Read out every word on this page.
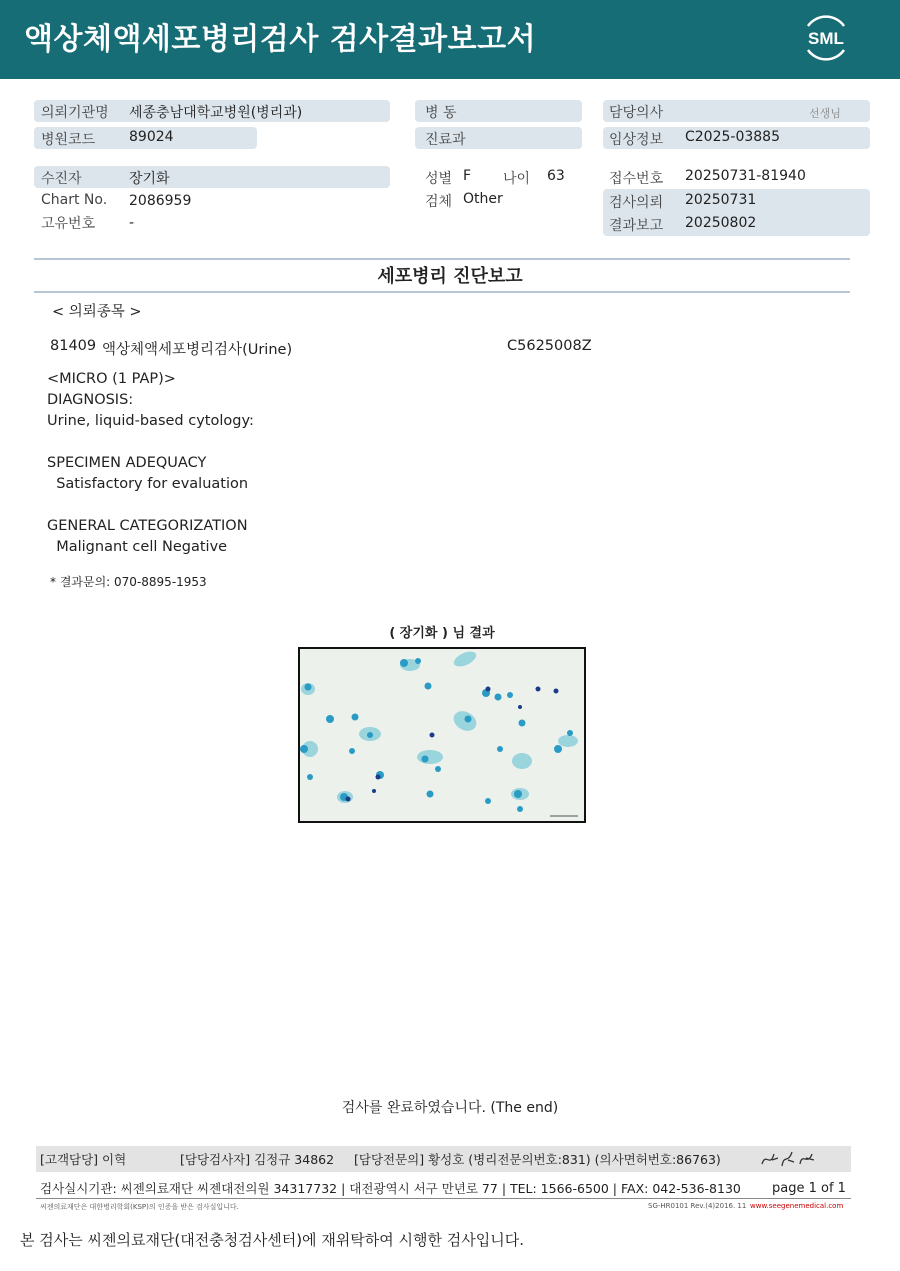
액상체액세포병리검사 검사결과보고서	SML
의뢰기관명 세종충남대학교병원(병리과)
병원코드 89024
수진자	장기화
Chart No. 2086959
고유번호 -
병 동
진료과
성별 F 나이 63
검체 Other
담당의사	선생님
임상정보 C2025-03885
접수번호 20250731-81940
검사의뢰 20250731
결과보고 20250802
세포병리 진단보고
< 의뢰종목 >
81409 액상체액세포병리검사(Urine)	C5625008Z
<MICRO (1 PAP)>
DIAGNOSIS:
Urine, liquid-based cytology:
SPECIMEN ADEQUACY
Satisfactory for evaluation
GENERAL CATEGORIZATION
Malignant cell Negative
* 결과문의: 070-8895-1953
( 장기화 ) 님 결과
검사를 완료하였습니다. (The end)
[고객담당] 이혁	[담당검사자] 김정규 34862 [담당전문의] 황성호 (병리전문의번호:831) (의사면허번호:86763)
검사실시기관: 씨젠의료재단 씨젠대전의원 34317732 | 대전광역시 서구 만년로 77 | TEL: 1566-6500 | FAX: 042-536-8130 page 1 of 1
씨젠의료재단은 대한병리학회(KSP)의 인증을 받은 검사실입니다.	SG-HR0101 Rev.(4)2016. 11 www.seegenemedical.com
본 검사는 씨젠의료재단(대전충청검사센터)에 재위탁하여 시행한 검사입니다.
